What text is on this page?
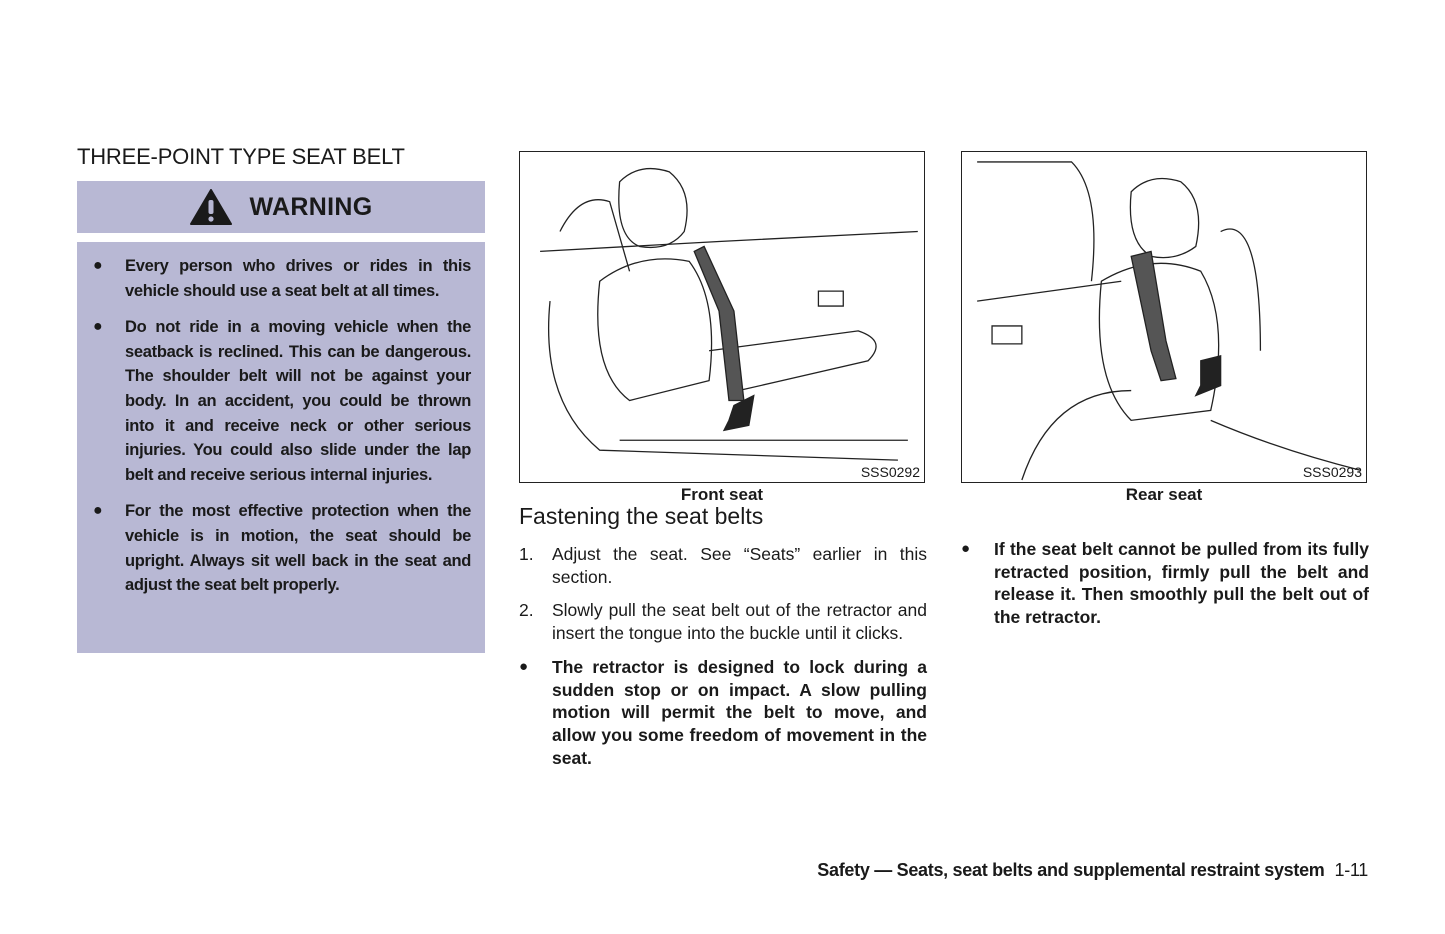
THREE-POINT TYPE SEAT BELT
WARNING
●	Every person who drives or rides in this vehicle should use a seat belt at all times.
●	Do not ride in a moving vehicle when the seatback is reclined. This can be dangerous. The shoulder belt will not be against your body. In an accident, you could be thrown into it and receive neck or other serious injuries. You could also slide under the lap belt and receive serious internal injuries.
●	For the most effective protection when the vehicle is in motion, the seat should be upright. Always sit well back in the seat and adjust the seat belt properly.
SSS0292
Front seat
SSS0293
Rear seat
Fastening the seat belts
1.	Adjust the seat. See “Seats” earlier in this section.
2.	Slowly pull the seat belt out of the retractor and insert the tongue into the buckle until it clicks.
●	The retractor is designed to lock during a sudden stop or on impact. A slow pulling motion will permit the belt to move, and allow you some freedom of movement in the seat.
●	If the seat belt cannot be pulled from its fully retracted position, firmly pull the belt and release it. Then smoothly pull the belt out of the retractor.
Safety — Seats, seat belts and supplemental restraint system 1-11
